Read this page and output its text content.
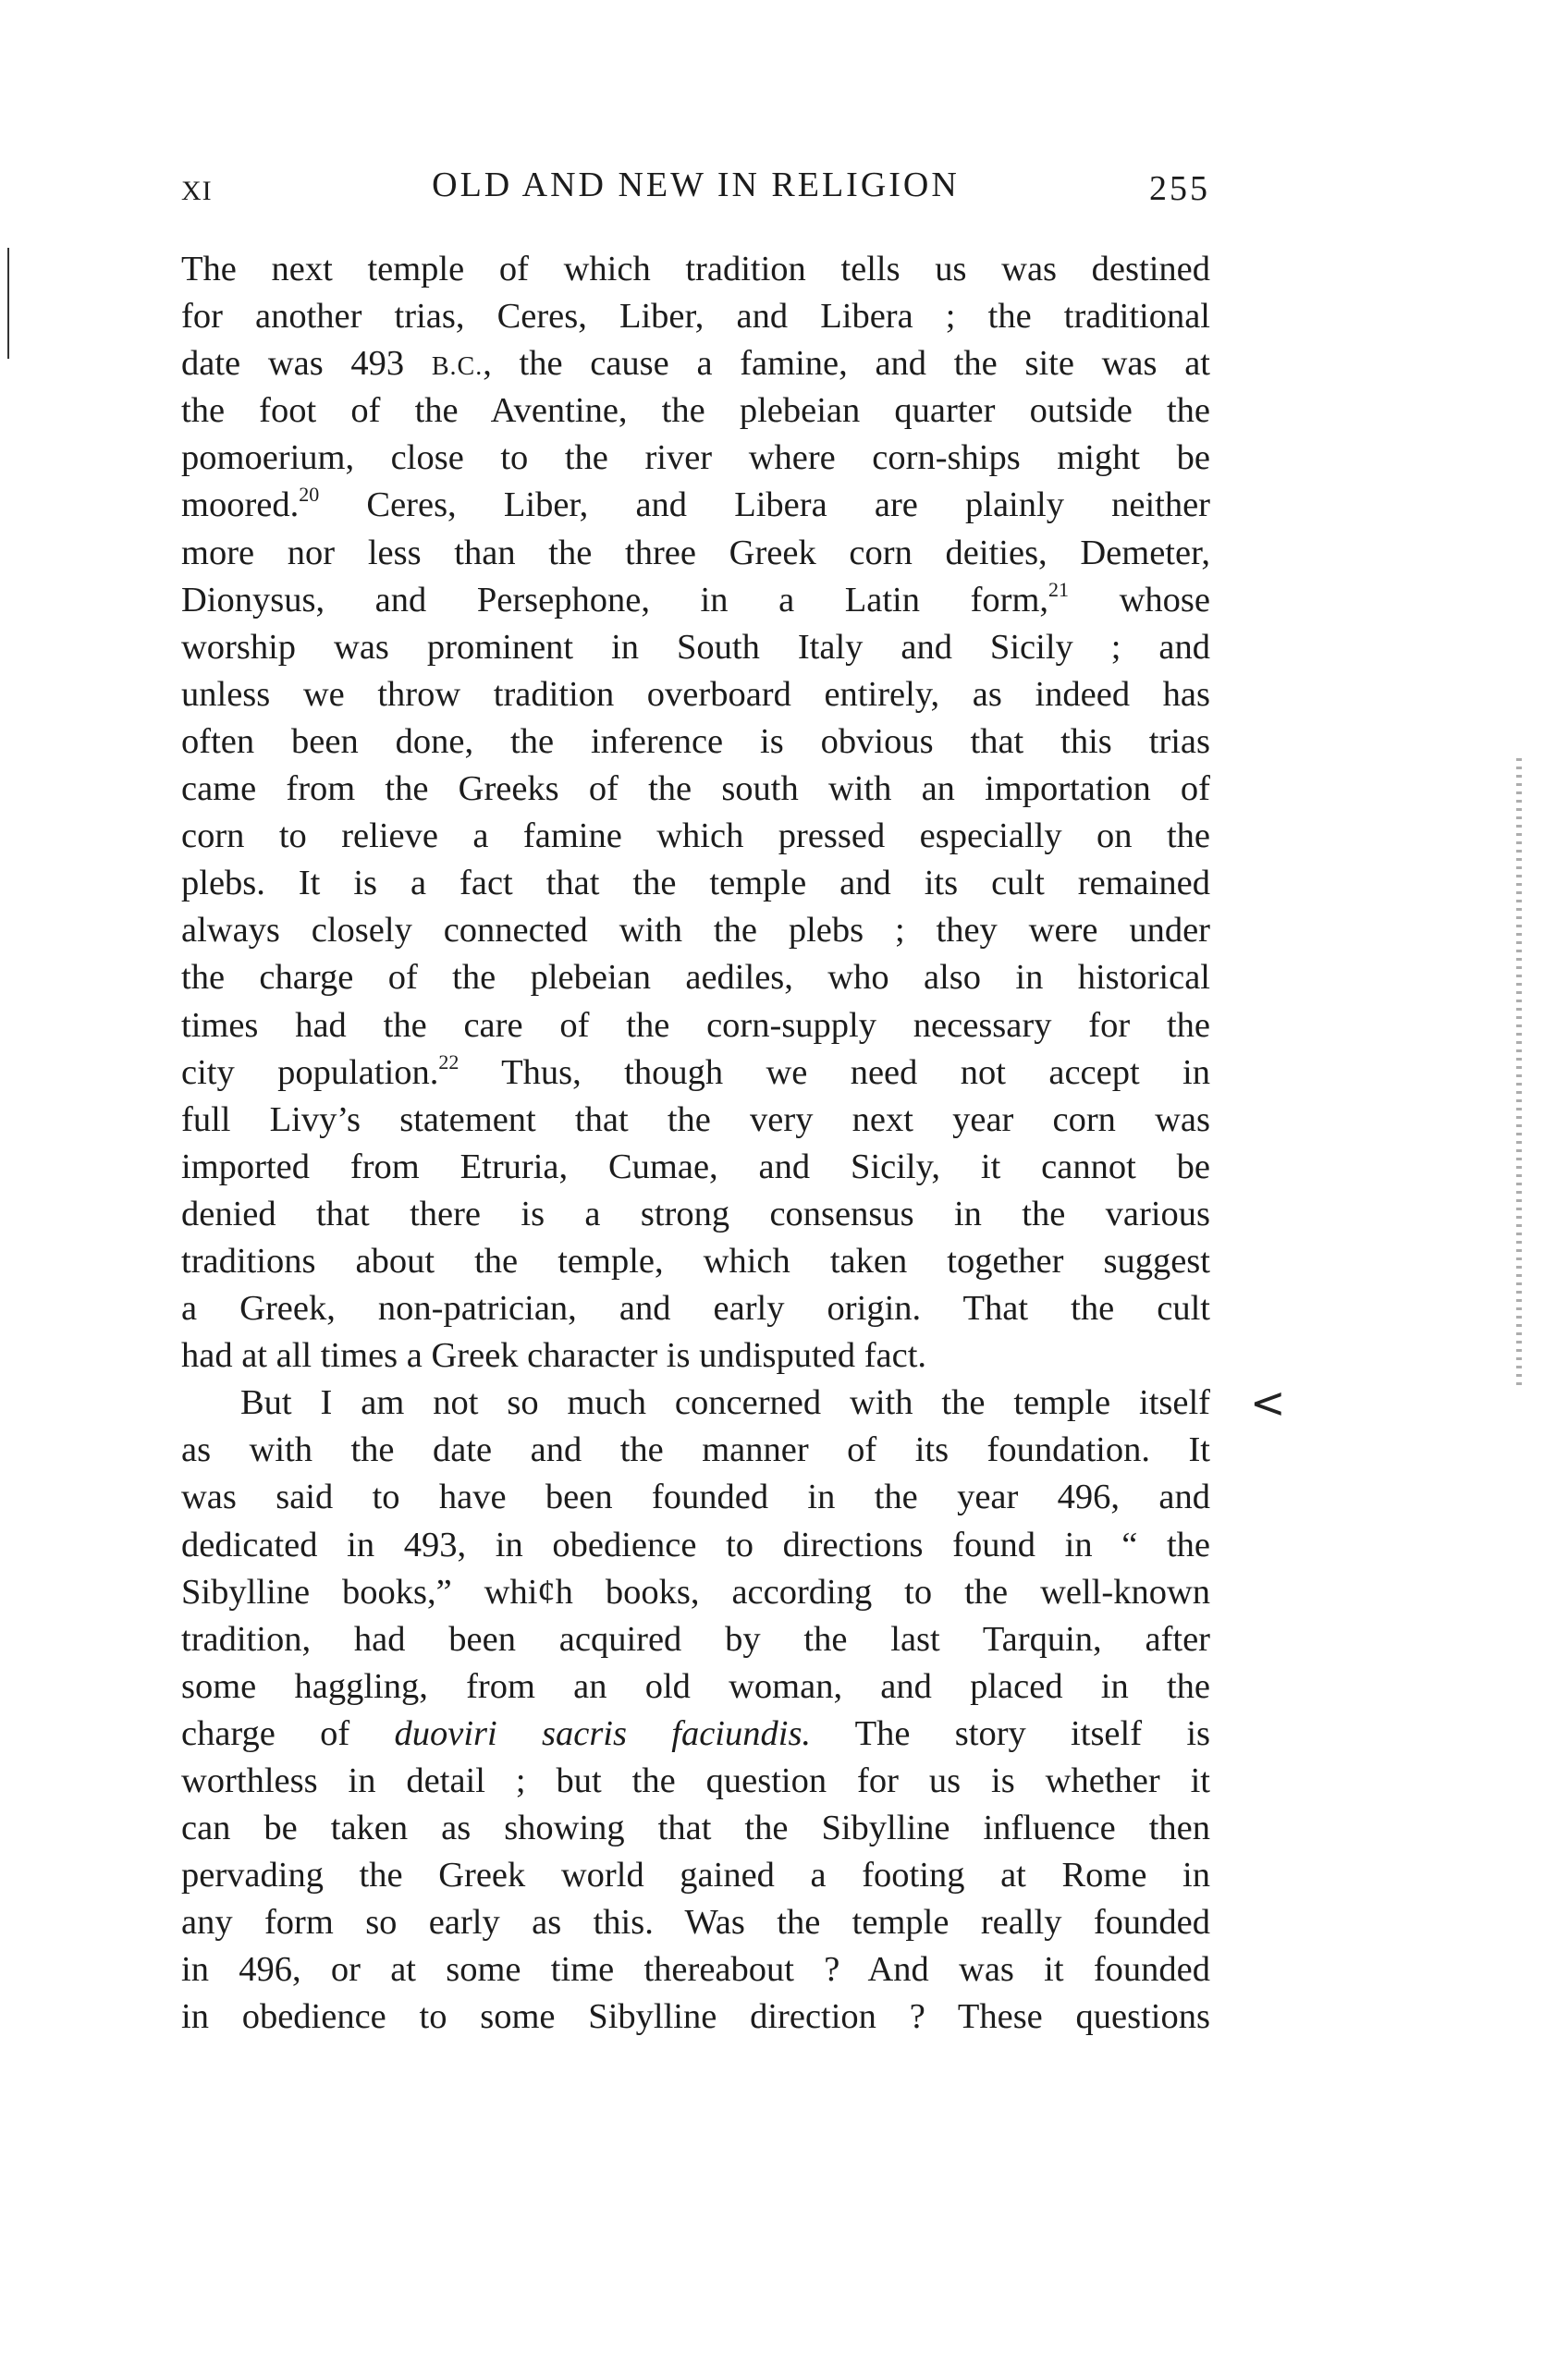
XI	OLD AND NEW IN RELIGION	255
The next temple of which tradition tells us was destined
for another trias, Ceres, Liber, and Libera ; the traditional
date was 493 B.C., the cause a famine, and the site was at
the foot of the Aventine, the plebeian quarter outside the
pomoerium, close to the river where corn-ships might be
moored.$^{20}$ Ceres, Liber, and Libera are plainly neither
more nor less than the three Greek corn deities, Demeter,
Dionysus, and Persephone, in a Latin form,$^{21}$ whose
worship was prominent in South Italy and Sicily ; and
unless we throw tradition overboard entirely, as indeed has
often been done, the inference is obvious that this trias
came from the Greeks of the south with an importation of
corn to relieve a famine which pressed especially on the
plebs. It is a fact that the temple and its cult remained
always closely connected with the plebs ; they were under
the charge of the plebeian aediles, who also in historical
times had the care of the corn-supply necessary for the
city population.$^{22}$ Thus, though we need not accept in
full Livy’s statement that the very next year corn was
imported from Etruria, Cumae, and Sicily, it cannot be
denied that there is a strong consensus in the various
traditions about the temple, which taken together suggest
a Greek, non-patrician, and early origin. That the cult
had at all times a Greek character is undisputed fact.
But I am not so much concerned with the temple itself
as with the date and the manner of its foundation. It
was said to have been founded in the year 496, and
dedicated in 493, in obedience to directions found in “ the
Sibylline books,” whi¢h books, according to the well-known
tradition, had been acquired by the last Tarquin, after
some haggling, from an old woman, and placed in the
charge of duoviri sacris faciundis. The story itself is
worthless in detail ; but the question for us is whether it
can be taken as showing that the Sibylline influence then
pervading the Greek world gained a footing at Rome in
any form so early as this. Was the temple really founded
in 496, or at some time thereabout ? And was it founded
in obedience to some Sibylline direction ? These questions
<
